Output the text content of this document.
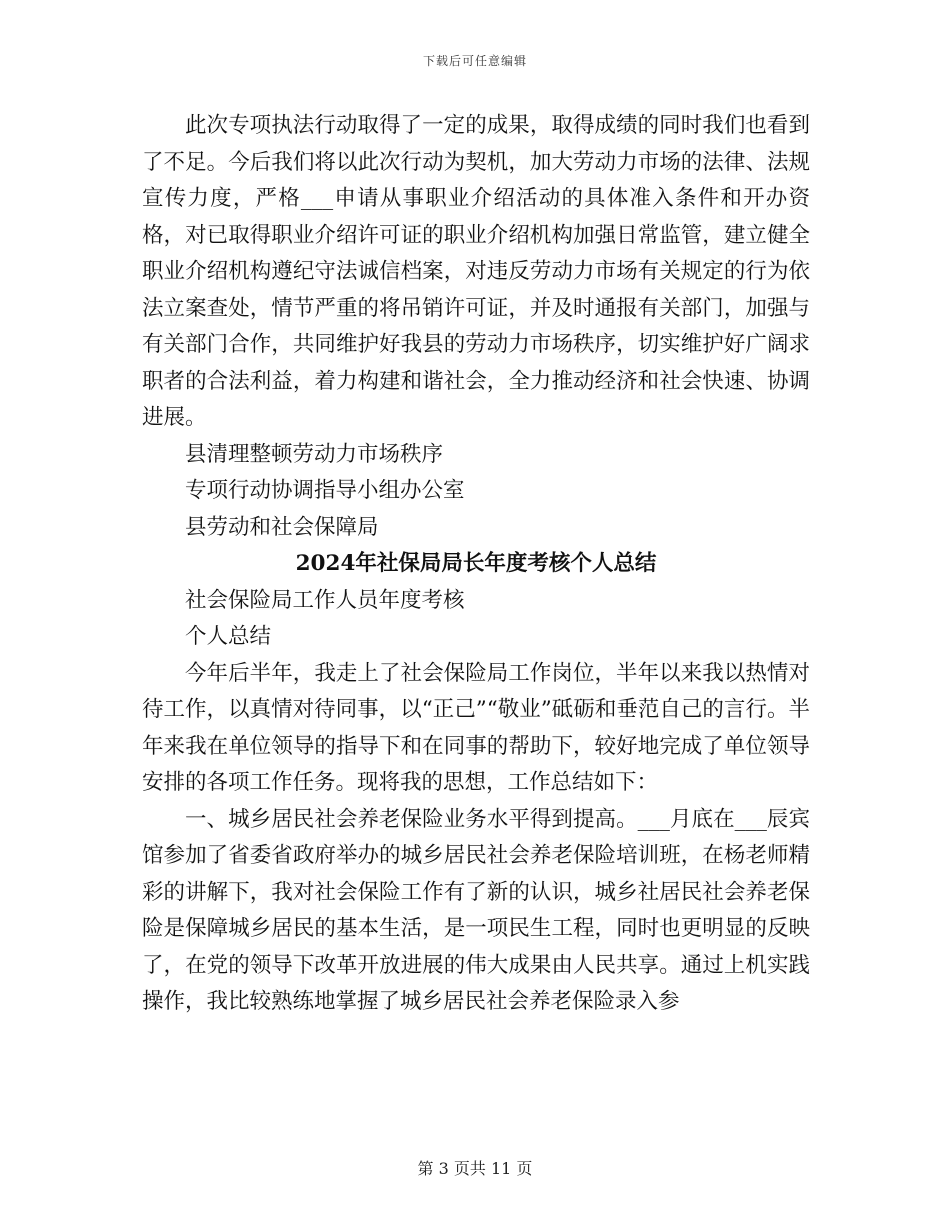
下载后可任意编辑

此次专项执法行动取得了一定的成果，取得成绩的同时我们也看到了不足。今后我们将以此次行动为契机，加大劳动力市场的法律、法规宣传力度，严格___申请从事职业介绍活动的具体准入条件和开办资格，对已取得职业介绍许可证的职业介绍机构加强日常监管，建立健全职业介绍机构遵纪守法诚信档案，对违反劳动力市场有关规定的行为依法立案查处，情节严重的将吊销许可证，并及时通报有关部门，加强与有关部门合作，共同维护好我县的劳动力市场秩序，切实维护好广阔求职者的合法利益，着力构建和谐社会，全力推动经济和社会快速、协调进展。

县清理整顿劳动力市场秩序

专项行动协调指导小组办公室

县劳动和社会保障局

2024年社保局局长年度考核个人总结

社会保险局工作人员年度考核

个人总结

今年后半年，我走上了社会保险局工作岗位，半年以来我以热情对待工作，以真情对待同事，以“正己”“敬业”砥砺和垂范自己的言行。半年来我在单位领导的指导下和在同事的帮助下，较好地完成了单位领导安排的各项工作任务。现将我的思想，工作总结如下：

一、城乡居民社会养老保险业务水平得到提高。___月底在___辰宾馆参加了省委省政府举办的城乡居民社会养老保险培训班，在杨老师精彩的讲解下，我对社会保险工作有了新的认识，城乡社居民社会养老保险是保障城乡居民的基本生活，是一项民生工程，同时也更明显的反映了，在党的领导下改革开放进展的伟大成果由人民共享。通过上机实践操作，我比较熟练地掌握了城乡居民社会养老保险录入参

第 3 页共 11 页
